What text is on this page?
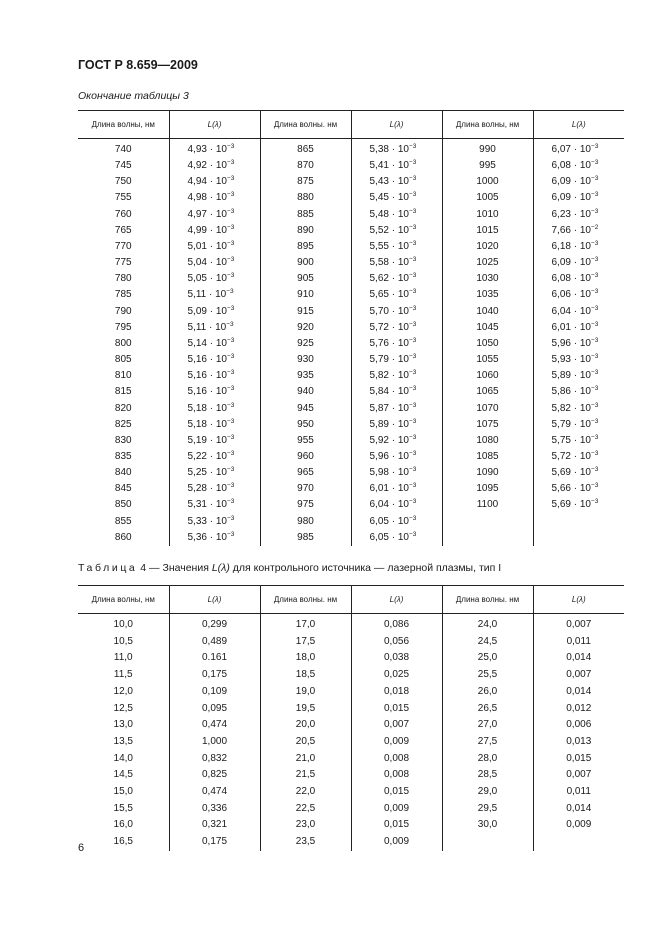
ГОСТ Р 8.659—2009
Окончание таблицы 3
Длина волны, нм	L(λ)	Длина волны. нм	L(λ)	Длина волны, нм	L(λ)
740	$4,93 \cdot 10^{-3}$	865	$5,38 \cdot 10^{-3}$	990	$6,07 \cdot 10^{-3}$
745	$4,92 \cdot 10^{-3}$	870	$5,41 \cdot 10^{-3}$	995	$6,08 \cdot 10^{-3}$
750	$4,94 \cdot 10^{-3}$	875	$5,43 \cdot 10^{-3}$	1000	$6,09 \cdot 10^{-3}$
755	$4,98 \cdot 10^{-3}$	880	$5,45 \cdot 10^{-3}$	1005	$6,09 \cdot 10^{-3}$
760	$4,97 \cdot 10^{-3}$	885	$5,48 \cdot 10^{-3}$	1010	$6,23 \cdot 10^{-3}$
765	$4,99 \cdot 10^{-3}$	890	$5,52 \cdot 10^{-3}$	1015	$7,66 \cdot 10^{-2}$
770	$5,01 \cdot 10^{-3}$	895	$5,55 \cdot 10^{-3}$	1020	$6,18 \cdot 10^{-3}$
775	$5,04 \cdot 10^{-3}$	900	$5,58 \cdot 10^{-3}$	1025	$6,09 \cdot 10^{-3}$
780	$5,05 \cdot 10^{-3}$	905	$5,62 \cdot 10^{-3}$	1030	$6,08 \cdot 10^{-3}$
785	$5,11 \cdot 10^{-3}$	910	$5,65 \cdot 10^{-3}$	1035	$6,06 \cdot 10^{-3}$
790	$5,09 \cdot 10^{-3}$	915	$5,70 \cdot 10^{-3}$	1040	$6,04 \cdot 10^{-3}$
795	$5,11 \cdot 10^{-3}$	920	$5,72 \cdot 10^{-3}$	1045	$6,01 \cdot 10^{-3}$
800	$5,14 \cdot 10^{-3}$	925	$5,76 \cdot 10^{-3}$	1050	$5,96 \cdot 10^{-3}$
805	$5,16 \cdot 10^{-3}$	930	$5,79 \cdot 10^{-3}$	1055	$5,93 \cdot 10^{-3}$
810	$5,16 \cdot 10^{-3}$	935	$5,82 \cdot 10^{-3}$	1060	$5,89 \cdot 10^{-3}$
815	$5,16 \cdot 10^{-3}$	940	$5,84 \cdot 10^{-3}$	1065	$5,86 \cdot 10^{-3}$
820	$5,18 \cdot 10^{-3}$	945	$5,87 \cdot 10^{-3}$	1070	$5,82 \cdot 10^{-3}$
825	$5,18 \cdot 10^{-3}$	950	$5,89 \cdot 10^{-3}$	1075	$5,79 \cdot 10^{-3}$
830	$5,19 \cdot 10^{-3}$	955	$5,92 \cdot 10^{-3}$	1080	$5,75 \cdot 10^{-3}$
835	$5,22 \cdot 10^{-3}$	960	$5,96 \cdot 10^{-3}$	1085	$5,72 \cdot 10^{-3}$
840	$5,25 \cdot 10^{-3}$	965	$5,98 \cdot 10^{-3}$	1090	$5,69 \cdot 10^{-3}$
845	$5,28 \cdot 10^{-3}$	970	$6,01 \cdot 10^{-3}$	1095	$5,66 \cdot 10^{-3}$
850	$5,31 \cdot 10^{-3}$	975	$6,04 \cdot 10^{-3}$	1100	$5,69 \cdot 10^{-3}$
855	$5,33 \cdot 10^{-3}$	980	$6,05 \cdot 10^{-3}$		
860	$5,36 \cdot 10^{-3}$	985	$6,05 \cdot 10^{-3}$		
Таблица 4 — Значения L(λ) для контрольного источника — лазерной плазмы, тип I
Длина волны, нм	L(λ)	Длина волны. нм	L(λ)	Длина волны. нм	L(λ)
10,0	0,299	17,0	0,086	24,0	0,007
10,5	0,489	17,5	0,056	24,5	0,011
11,0	0.161	18,0	0,038	25,0	0,014
11,5	0,175	18,5	0,025	25,5	0,007
12,0	0,109	19,0	0,018	26,0	0,014
12,5	0,095	19,5	0,015	26,5	0,012
13,0	0,474	20,0	0,007	27,0	0,006
13,5	1,000	20,5	0,009	27,5	0,013
14,0	0,832	21,0	0,008	28,0	0,015
14,5	0,825	21,5	0,008	28,5	0,007
15,0	0,474	22,0	0,015	29,0	0,011
15,5	0,336	22,5	0,009	29,5	0,014
16,0	0,321	23,0	0,015	30,0	0,009
16,5	0,175	23,5	0,009		
6
